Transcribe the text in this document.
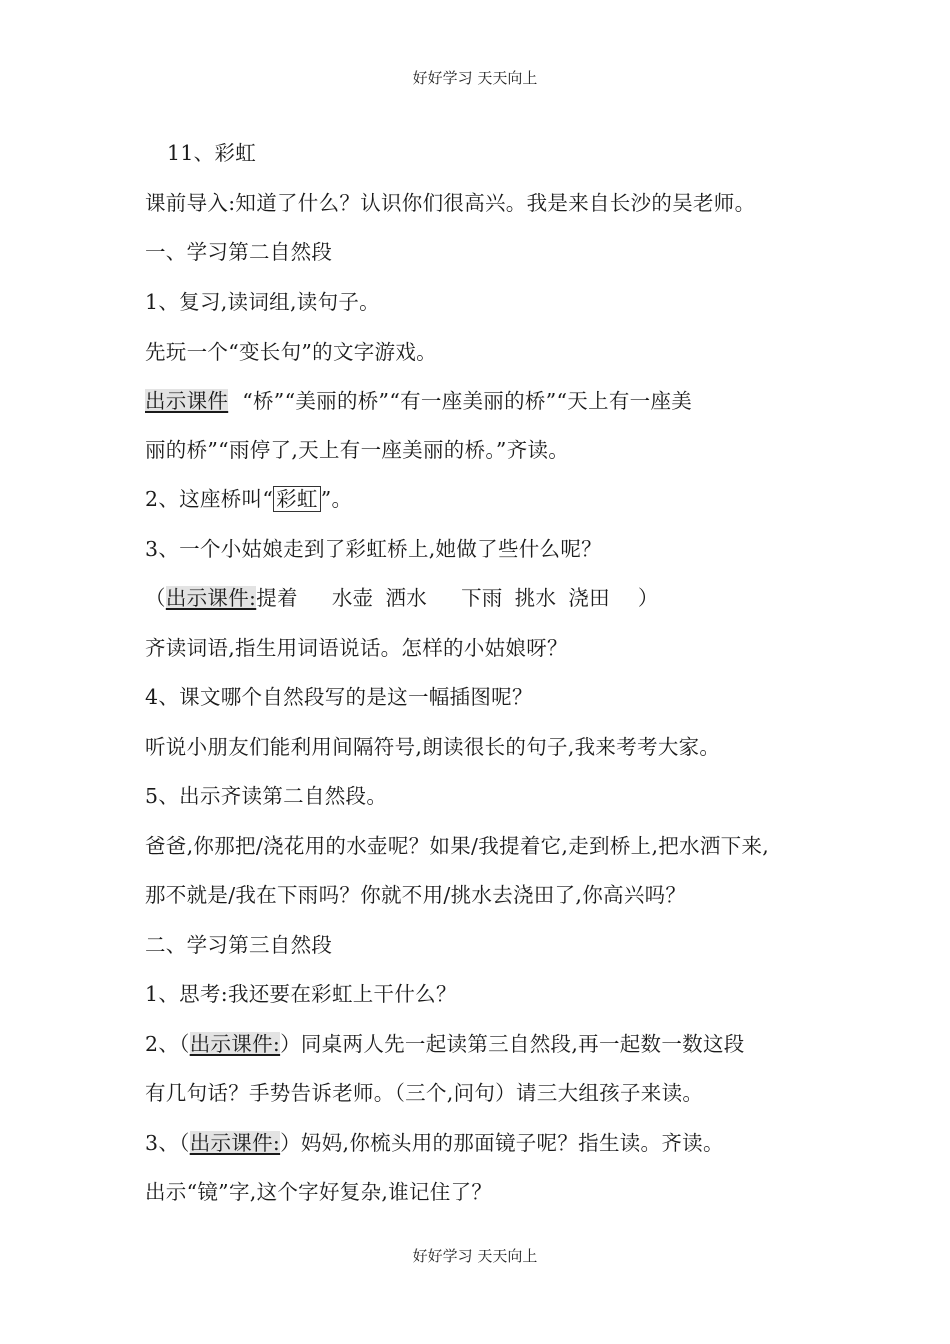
好好学习 天天向上
11、彩虹
课前导入:知道了什么？认识你们很高兴。我是来自长沙的吴老师。
一、学习第二自然段
1、复习,读词组,读句子。
先玩一个“变长句”的文字游戏。
出示课件 “桥”“美丽的桥”“有一座美丽的桥”“天上有一座美
丽的桥”“雨停了,天上有一座美丽的桥。”齐读。
2、这座桥叫“ 彩虹 ”。
3、一个小姑娘走到了彩虹桥上,她做了些什么呢？
（出示课件:提着 水壶 洒水 下雨 挑水 浇田 ）
齐读词语,指生用词语说话。怎样的小姑娘呀？
4、课文哪个自然段写的是这一幅插图呢？
听说小朋友们能利用间隔符号,朗读很长的句子,我来考考大家。
5、出示齐读第二自然段。
爸爸,你那把/浇花用的水壶呢？如果/我提着它,走到桥上,把水洒下来,
那不就是/我在下雨吗？你就不用/挑水去浇田了,你高兴吗？
二、学习第三自然段
1、思考:我还要在彩虹上干什么？
2、（出示课件:）同桌两人先一起读第三自然段,再一起数一数这段
有几句话？手势告诉老师。（三个,问句）请三大组孩子来读。
3、（出示课件:）妈妈,你梳头用的那面镜子呢？指生读。齐读。
出示“镜”字,这个字好复杂,谁记住了？
好好学习 天天向上
